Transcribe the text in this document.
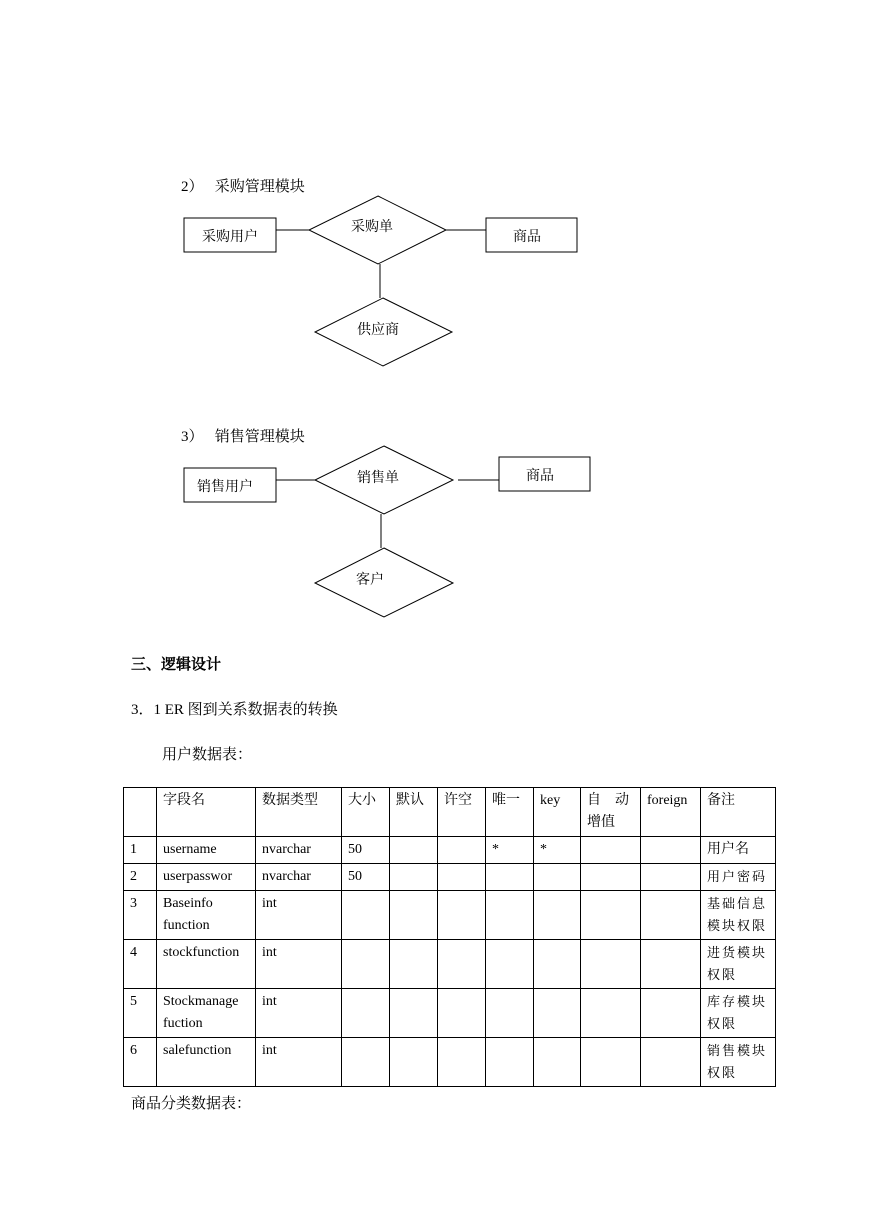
2）　 采购管理模块
采购用户
采购单
商品
供应商
销售用户
销售单	商品
客户
3）　 销售管理模块
三、逻辑设计
3．1 ER 图到关系数据表的转换
用户数据表：
	字段名	数据类型	大小	默认	许空	唯一	key	自　动增值	foreign	备注
1	username	nvarchar	50			*	*			用户名
2	userpasswor	nvarchar	50							用户密码
3	Baseinfo function	int								基础信息模块权限
4	stockfunction	int								进货模块权限
5	Stockmanage fuction	int								库存模块权限
6	salefunction	int								销售模块权限
商品分类数据表：
